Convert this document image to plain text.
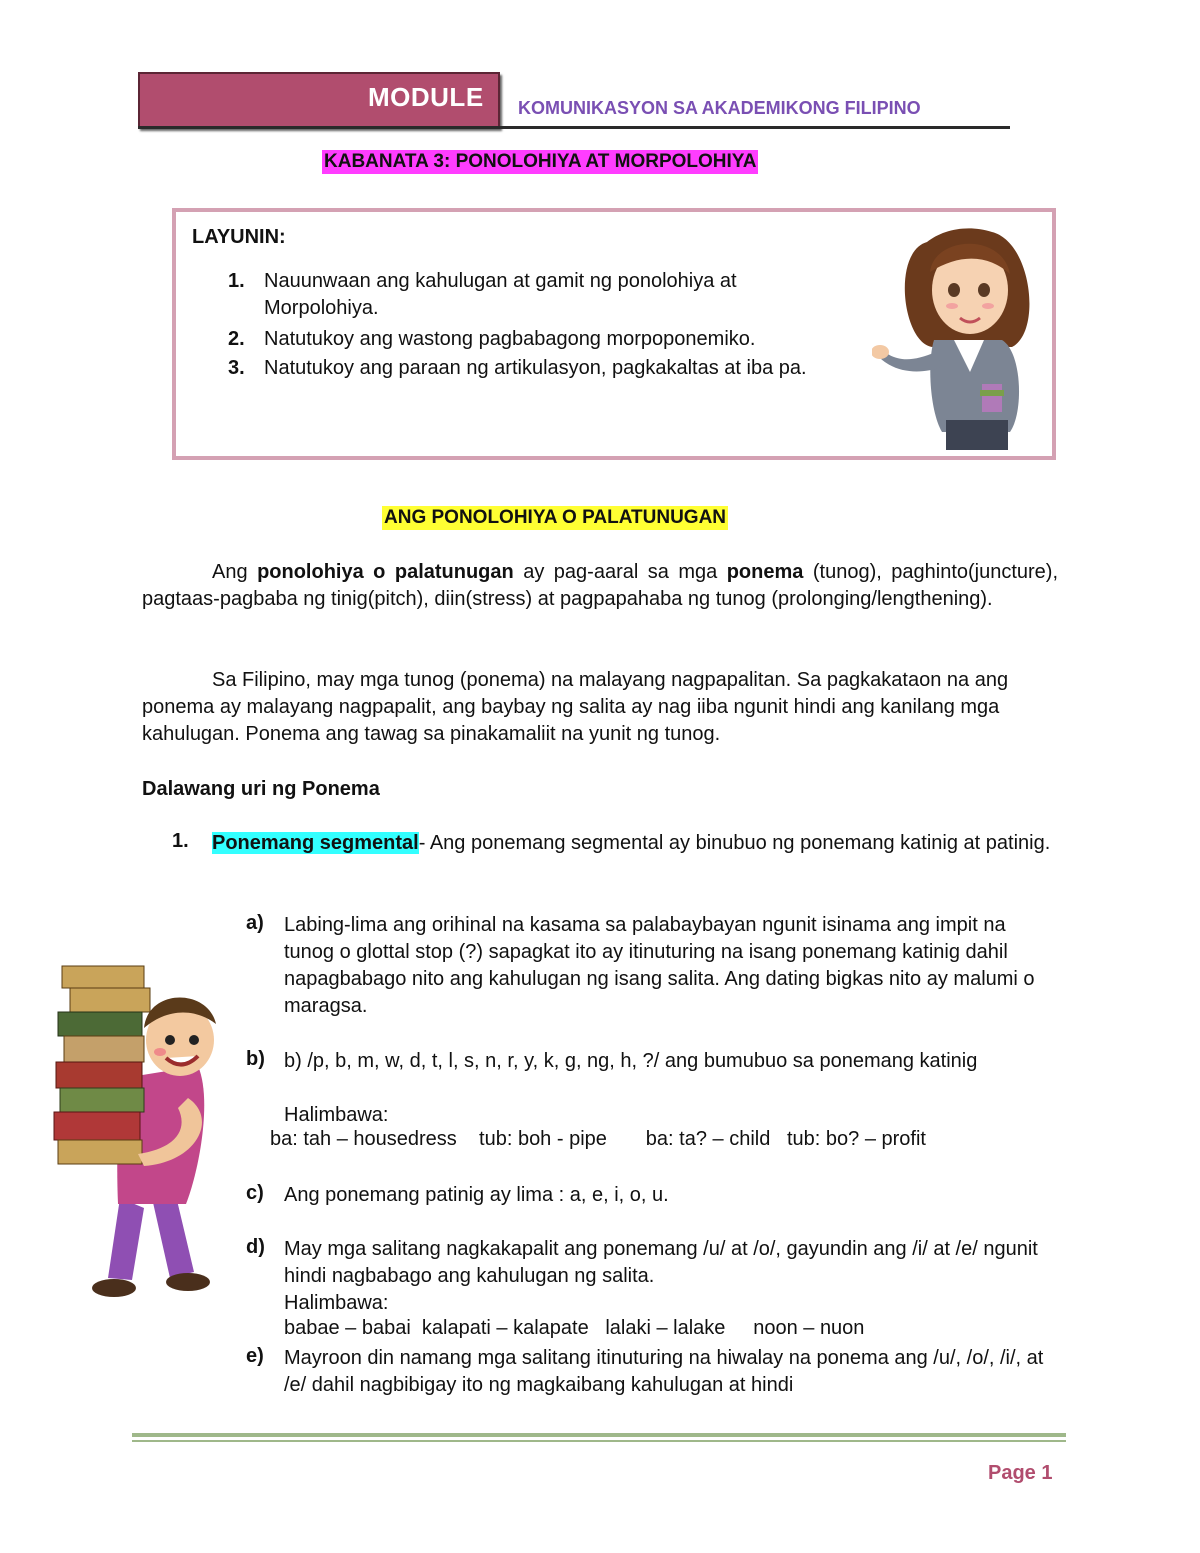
MODULE KOMUNIKASYON SA AKADEMIKONG FILIPINO
KABANATA 3: PONOLOHIYA AT MORPOLOHIYA
LAYUNIN:
1. Nauunwaan ang kahulugan at gamit ng ponolohiya at Morpolohiya.
2. Natutukoy ang wastong pagbabagong morpoponemiko.
3. Natutukoy ang paraan ng artikulasyon, pagkakaltas at iba pa.
ANG PONOLOHIYA O PALATUNUGAN
Ang ponolohiya o palatunugan ay pag-aaral sa mga ponema (tunog), paghinto(juncture), pagtaas-pagbaba ng tinig(pitch), diin(stress) at pagpapahaba ng tunog (prolonging/lengthening).
Sa Filipino, may mga tunog (ponema) na malayang nagpapalitan. Sa pagkakataon na ang ponema ay malayang nagpapalit, ang baybay ng salita ay nag iiba ngunit hindi ang kanilang mga kahulugan. Ponema ang tawag sa pinakamaliit na yunit ng tunog.
Dalawang uri ng Ponema
1. Ponemang segmental- Ang ponemang segmental ay binubuo ng ponemang katinig at patinig.
a) Labing-lima ang orihinal na kasama sa palabaybayan ngunit isinama ang impit na tunog o glottal stop (?) sapagkat ito ay itinuturing na isang ponemang katinig dahil napagbabago nito ang kahulugan ng isang salita. Ang dating bigkas nito ay malumi o maragsa.
b) b) /p, b, m, w, d, t, l, s, n, r, y, k, g, ng, h, ?/ ang bumubuo sa ponemang katinig
Halimbawa:
ba: tah – housedress    tub: boh - pipe       ba: ta? – child   tub: bo? – profit
c) Ang ponemang patinig ay lima : a, e, i, o, u.
d) May mga salitang nagkakapalit ang ponemang /u/ at /o/, gayundin ang /i/ at /e/ ngunit hindi nagbabago ang kahulugan ng salita.
Halimbawa:
babae – babai  kalapati – kalapate   lalaki – lalake     noon – nuon
e) Mayroon din namang mga salitang itinuturing na hiwalay na ponema ang /u/, /o/, /i/, at /e/ dahil nagbibigay ito ng magkaibang kahulugan at hindi
Page 1
